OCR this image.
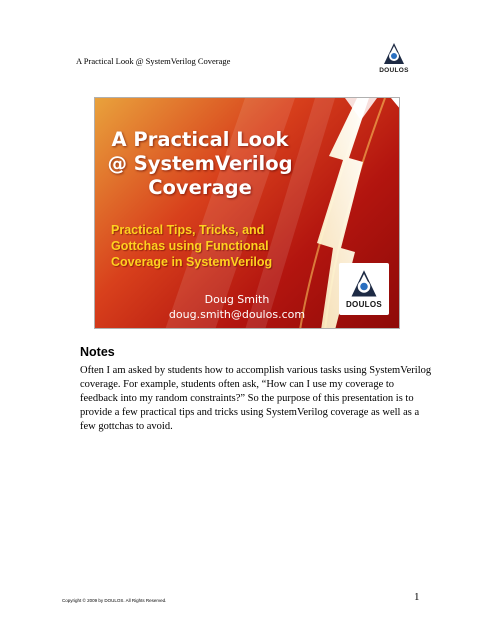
A Practical Look @ SystemVerilog Coverage
DOULOS
A Practical Look
@ SystemVerilog
Coverage
Practical Tips, Tricks, and
Gottchas using Functional
Coverage in SystemVerilog
Doug Smith
doug.smith@doulos.com
DOULOS
Notes
Often I am asked by students how to accomplish various tasks using SystemVerilog
coverage. For example, students often ask, “How can I use my coverage to
feedback into my random constraints?” So the purpose of this presentation is to
provide a few practical tips and tricks using SystemVerilog coverage as well as a
few gottchas to avoid.
Copyright © 2009 by DOULOS. All Rights Reserved.	1
